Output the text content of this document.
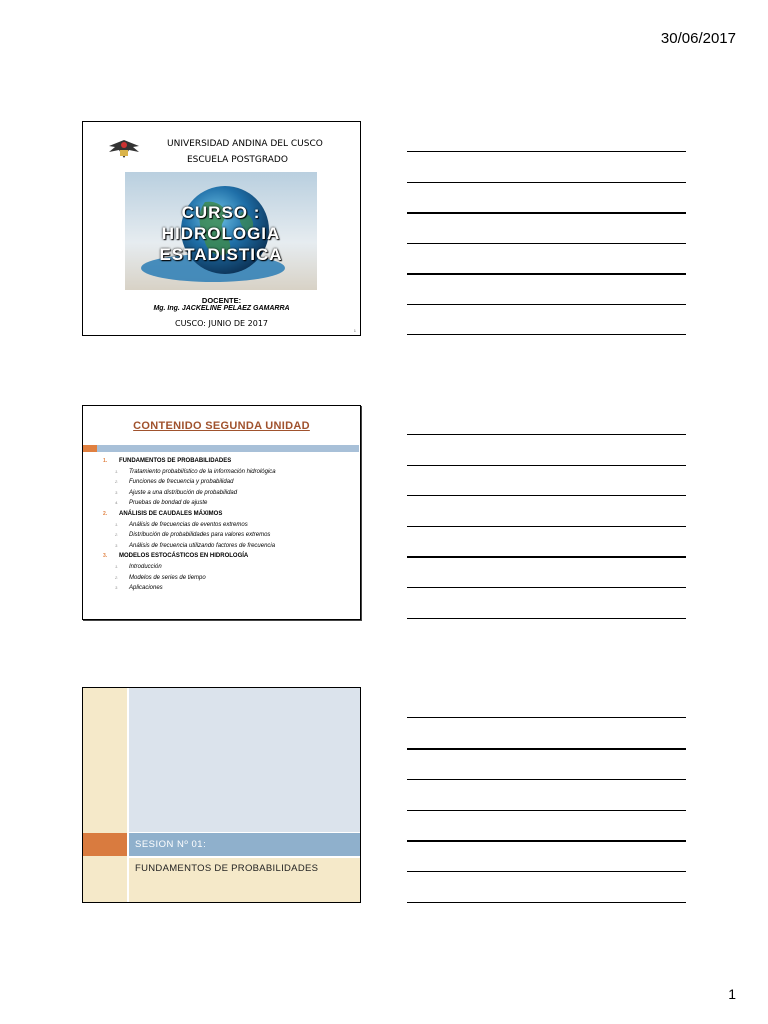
30/06/2017
UNIVERSIDAD ANDINA DEL CUSCO
ESCUELA POSTGRADO
CURSO :
HIDROLOGIA
ESTADISTICA
DOCENTE:
Mg. Ing. JACKELINE PELAEZ GAMARRA
CUSCO: JUNIO DE 2017
1
CONTENIDO SEGUNDA UNIDAD
1. FUNDAMENTOS DE PROBABILIDADES
1. Tratamiento probabilístico de la información hidrológica
2. Funciones de frecuencia y probabilidad
3. Ajuste a una distribución de probabilidad
4. Pruebas de bondad de ajuste
2. ANÁLISIS DE CAUDALES MÁXIMOS
1. Análisis de frecuencias de eventos extremos
2. Distribución de probabilidades para valores extremos
3. Análisis de frecuencia utilizando factores de frecuencia
3. MODELOS ESTOCÁSTICOS EN HIDROLOGÍA
1. Introducción
2. Modelos de series de tiempo
3. Aplicaciones
SESION Nº 01:
FUNDAMENTOS DE PROBABILIDADES
1
